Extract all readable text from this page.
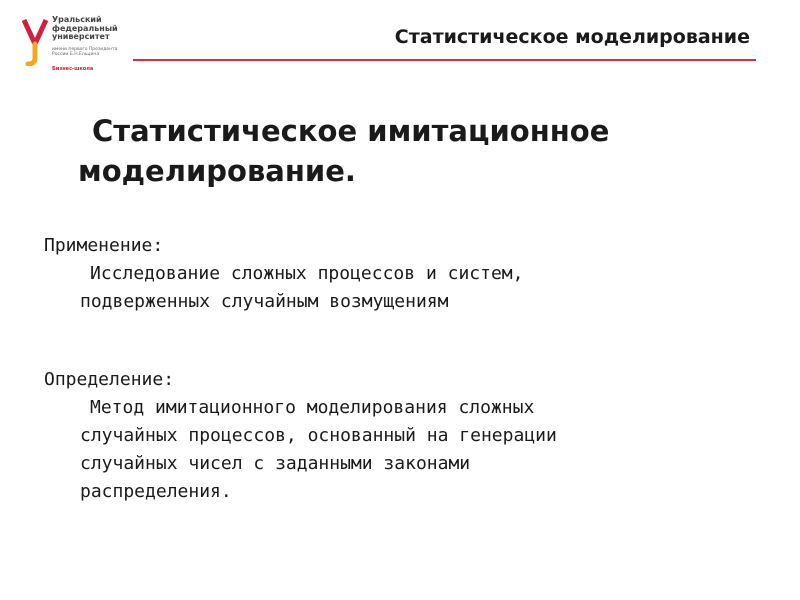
Уральский
федеральный
университет
имени первого Президента
России Б.Н.Ельцина
Бизнес-школа
Статистическое моделирование
Статистическое имитационное
моделирование.
Применение:
Исследование сложных процессов и систем,
подверженных случайным возмущениям
Определение:
Метод имитационного моделирования сложных
случайных процессов, основанный на генерации
случайных чисел с заданными законами
распределения.
